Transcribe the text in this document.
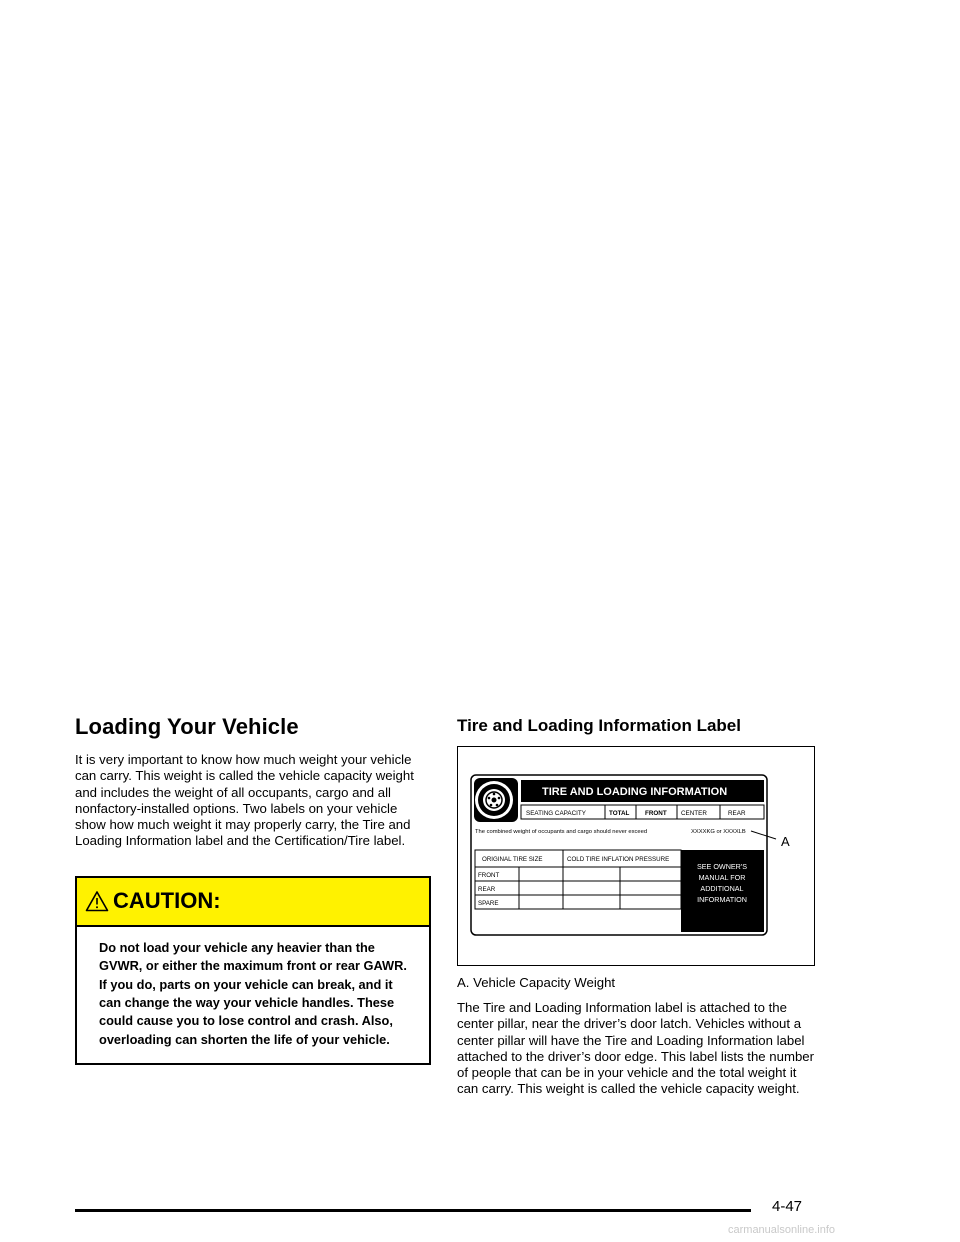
Loading Your Vehicle

It is very important to know how much weight your vehicle can carry. This weight is called the vehicle capacity weight and includes the weight of all occupants, cargo and all nonfactory-installed options. Two labels on your vehicle show how much weight it may properly carry, the Tire and Loading Information label and the Certification/Tire label.

CAUTION:
Do not load your vehicle any heavier than the GVWR, or either the maximum front or rear GAWR. If you do, parts on your vehicle can break, and it can change the way your vehicle handles. These could cause you to lose control and crash. Also, overloading can shorten the life of your vehicle.
Tire and Loading Information Label
TIRE AND LOADING INFORMATION
SEATING CAPACITY	TOTAL FRONT CENTER	REAR
The combined weight of occupants and cargo should never exceed	XXXXKG or XXXXLB
A
ORIGINAL TIRE SIZE	COLD TIRE INFLATION PRESSURE
FRONT
REAR
SPARE
SEE OWNER'S
MANUAL FOR
ADDITIONAL
INFORMATION
A. Vehicle Capacity Weight

The Tire and Loading Information label is attached to the center pillar, near the driver’s door latch. Vehicles without a center pillar will have the Tire and Loading Information label attached to the driver’s door edge. This label lists the number of people that can be in your vehicle and the total weight it can carry. This weight is called the vehicle capacity weight.

4-47
carmanualsonline.info
